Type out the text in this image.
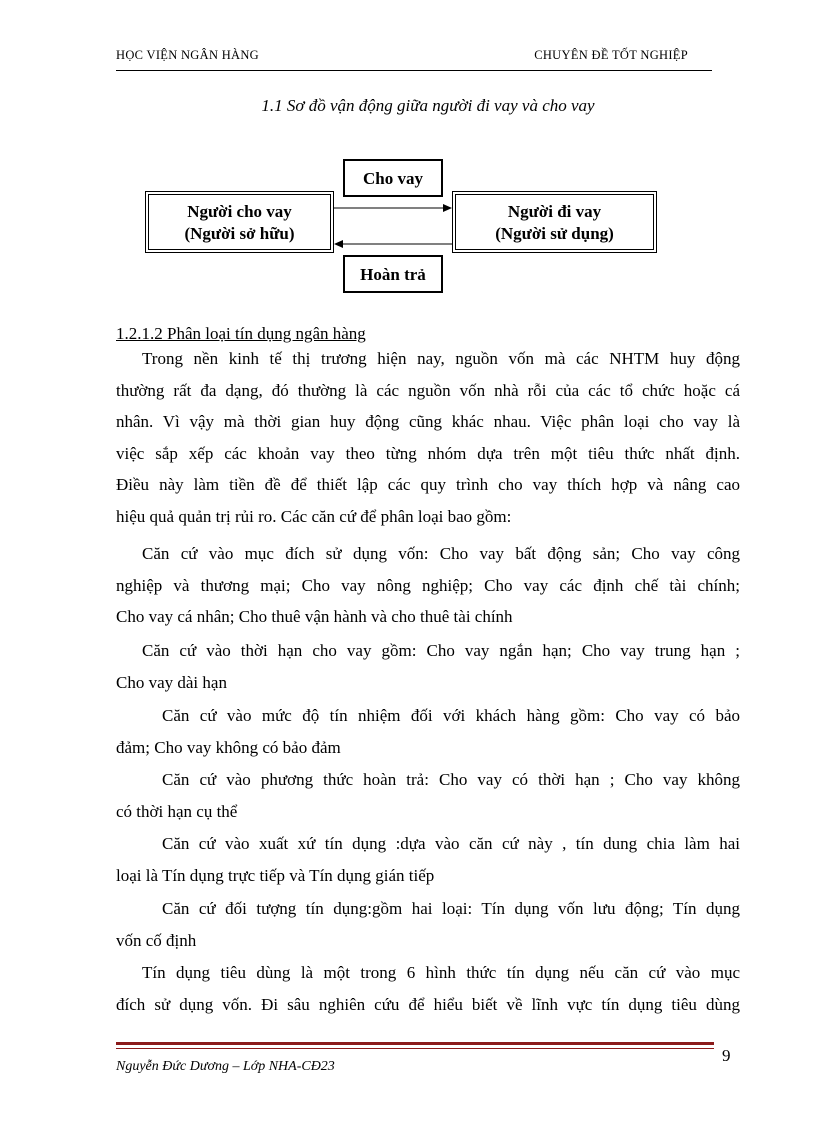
HỌC VIỆN NGÂN HÀNG	CHUYÊN ĐỀ TỐT NGHIỆP
1.1 Sơ đồ vận động giữa người đi vay và cho vay
Cho vay
Người cho vay
(Người sở hữu)
Người đi vay
(Người sử dụng)
Hoàn trả
1.2.1.2 Phân loại tín dụng ngân hàng
Trong nền kinh tế thị trương hiện nay, nguồn vốn mà các NHTM huy động
thường rất đa dạng, đó thường là các nguồn vốn nhà rỗi của các tổ chức hoặc cá
nhân. Vì vậy mà thời gian huy động cũng khác nhau. Việc phân loại cho vay là
việc sắp xếp các khoản vay theo từng nhóm dựa trên một tiêu thức nhất định.
Điều này làm tiền đề để thiết lập các quy trình cho vay thích hợp và nâng cao
hiệu quả quản trị rủi ro. Các căn cứ để phân loại bao gồm:
Căn cứ vào mục đích sử dụng vốn: Cho vay bất động sản; Cho vay công
nghiệp và thương mại; Cho vay nông nghiệp; Cho vay các định chế tài chính;
Cho vay cá nhân; Cho thuê vận hành và cho thuê tài chính
Căn cứ vào thời hạn cho vay gồm: Cho vay ngắn hạn; Cho vay trung hạn ;
Cho vay dài hạn
Căn cứ vào mức độ tín nhiệm đối với khách hàng gồm: Cho vay có bảo
đảm; Cho vay không có bảo đảm
Căn cứ vào phương thức hoàn trả: Cho vay có thời hạn ; Cho vay không
có thời hạn cụ thể
Căn cứ vào xuất xứ tín dụng :dựa vào căn cứ này , tín dung chia làm hai
loại là Tín dụng trực tiếp và Tín dụng gián tiếp
Căn cứ đối tượng tín dụng:gồm hai loại: Tín dụng vốn lưu động; Tín dụng
vốn cố định
Tín dụng tiêu dùng là một trong 6 hình thức tín dụng nếu căn cứ vào mục
đích sử dụng vốn. Đi sâu nghiên cứu để hiểu biết về lĩnh vực tín dụng tiêu dùng
9
Nguyễn Đức Dương – Lớp NHA-CĐ23
